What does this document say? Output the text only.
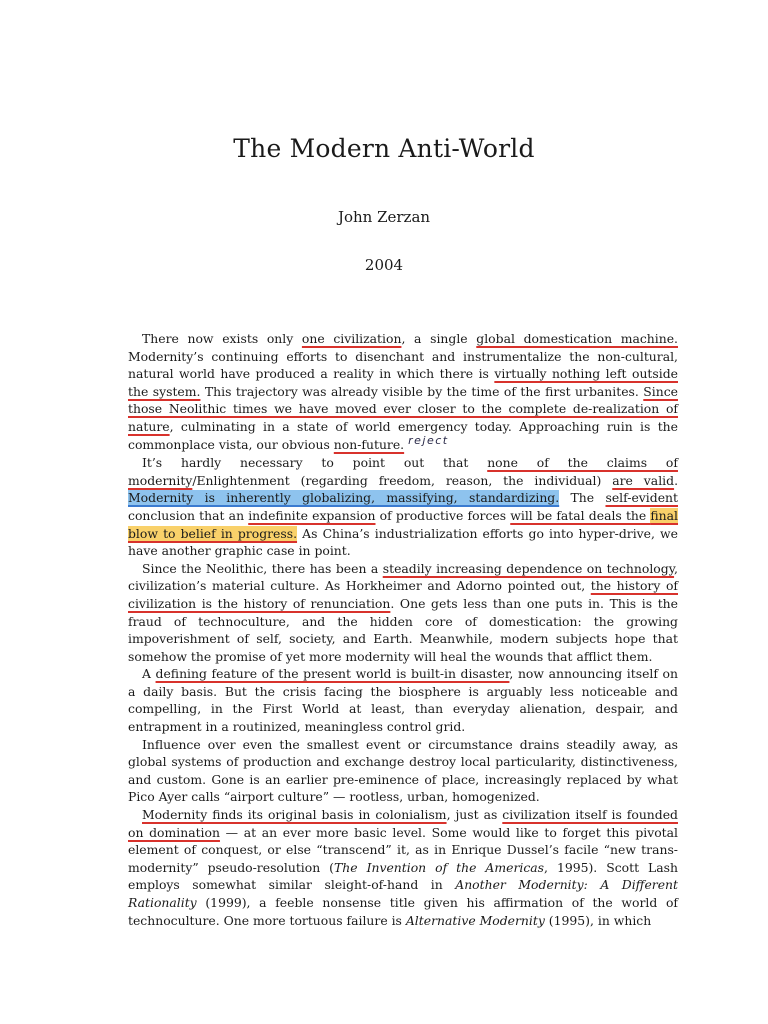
The Modern Anti-World
John Zerzan
2004

There now exists only one civilization, a single global domestication machine. Modernity’s continuing efforts to disenchant and instrumentalize the non-cultural, natural world have produced a reality in which there is virtually nothing left outside the system. This trajectory was already visible by the time of the first urbanites. Since those Neolithic times we have moved ever closer to the complete de-realization of nature, culminating in a state of world emergency today. Approaching ruin is the commonplace vista, our obvious non-future. reject

It’s hardly necessary to point out that none of the claims of modernity/Enlightenment (regarding freedom, reason, the individual) are valid. Modernity is inherently globalizing, massifying, standardizing. The self-evident conclusion that an indefinite expansion of productive forces will be fatal deals the final blow to belief in progress. As China’s industrialization efforts go into hyper-drive, we have another graphic case in point.

Since the Neolithic, there has been a steadily increasing dependence on technology, civilization’s material culture. As Horkheimer and Adorno pointed out, the history of civilization is the history of renunciation. One gets less than one puts in. This is the fraud of technoculture, and the hidden core of domestication: the growing impoverishment of self, society, and Earth. Meanwhile, modern subjects hope that somehow the promise of yet more modernity will heal the wounds that afflict them.

A defining feature of the present world is built-in disaster, now announcing itself on a daily basis. But the crisis facing the biosphere is arguably less noticeable and compelling, in the First World at least, than everyday alienation, despair, and entrapment in a routinized, meaningless control grid.

Influence over even the smallest event or circumstance drains steadily away, as global systems of production and exchange destroy local particularity, distinctiveness, and custom. Gone is an earlier pre-eminence of place, increasingly replaced by what Pico Ayer calls “airport culture” — rootless, urban, homogenized.

Modernity finds its original basis in colonialism, just as civilization itself is founded on domination — at an ever more basic level. Some would like to forget this pivotal element of conquest, or else “transcend” it, as in Enrique Dussel’s facile “new trans-modernity” pseudo-resolution (The Invention of the Americas, 1995). Scott Lash employs somewhat similar sleight-of-hand in Another Modernity: A Different Rationality (1999), a feeble nonsense title given his affirmation of the world of technoculture. One more tortuous failure is Alternative Modernity (1995), in which
